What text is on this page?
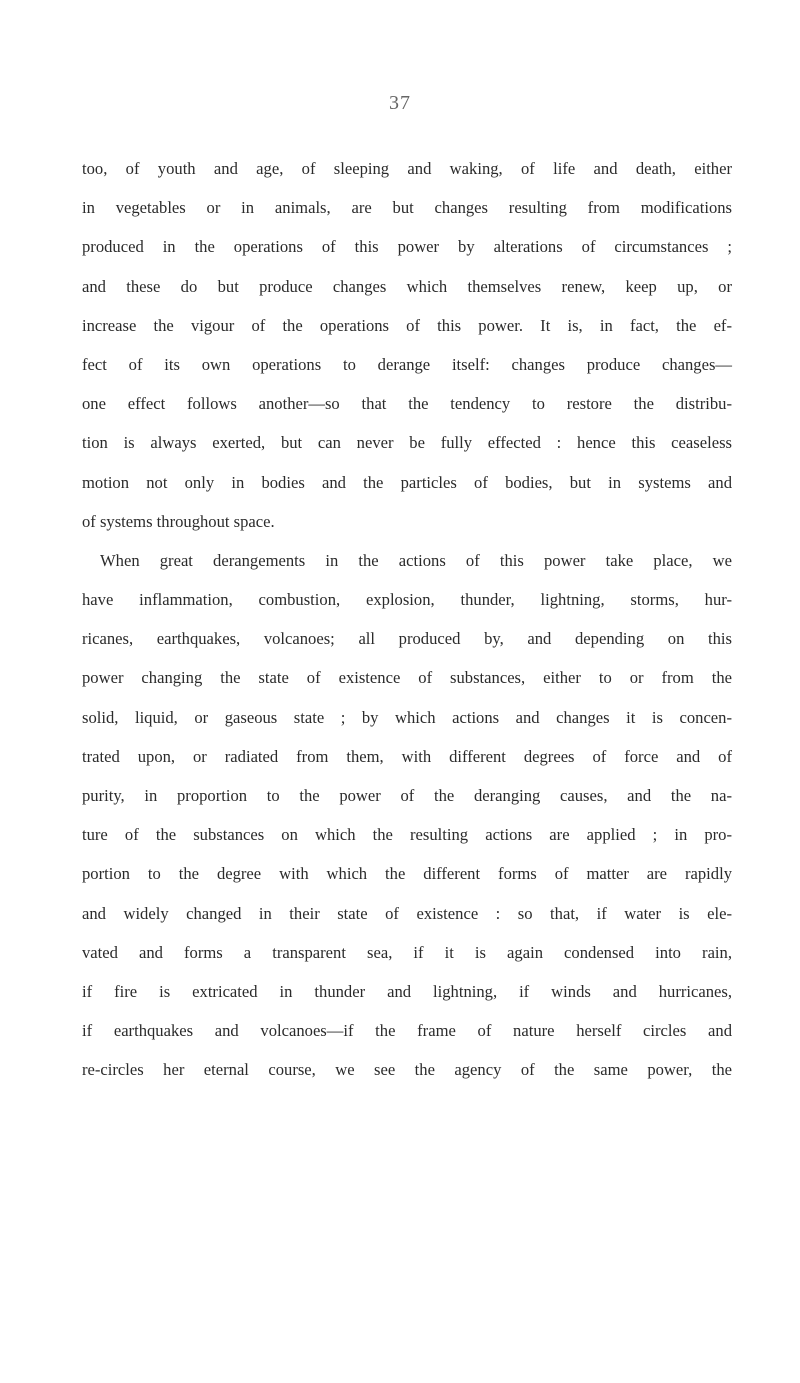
37
too, of youth and age, of sleeping and waking, of life and death, either
in vegetables or in animals, are but changes resulting from modifications
produced in the operations of this power by alterations of circumstances ;
and these do but produce changes which themselves renew, keep up, or
increase the vigour of the operations of this power. It is, in fact, the ef-
fect of its own operations to derange itself: changes produce changes—
one effect follows another—so that the tendency to restore the distribu-
tion is always exerted, but can never be fully effected : hence this ceaseless
motion not only in bodies and the particles of bodies, but in systems and
of systems throughout space.
When great derangements in the actions of this power take place, we
have inflammation, combustion, explosion, thunder, lightning, storms, hur-
ricanes, earthquakes, volcanoes; all produced by, and depending on this
power changing the state of existence of substances, either to or from the
solid, liquid, or gaseous state ; by which actions and changes it is concen-
trated upon, or radiated from them, with different degrees of force and of
purity, in proportion to the power of the deranging causes, and the na-
ture of the substances on which the resulting actions are applied ; in pro-
portion to the degree with which the different forms of matter are rapidly
and widely changed in their state of existence : so that, if water is ele-
vated and forms a transparent sea, if it is again condensed into rain,
if fire is extricated in thunder and lightning, if winds and hurricanes,
if earthquakes and volcanoes—if the frame of nature herself circles and
re-circles her eternal course, we see the agency of the same power, the
